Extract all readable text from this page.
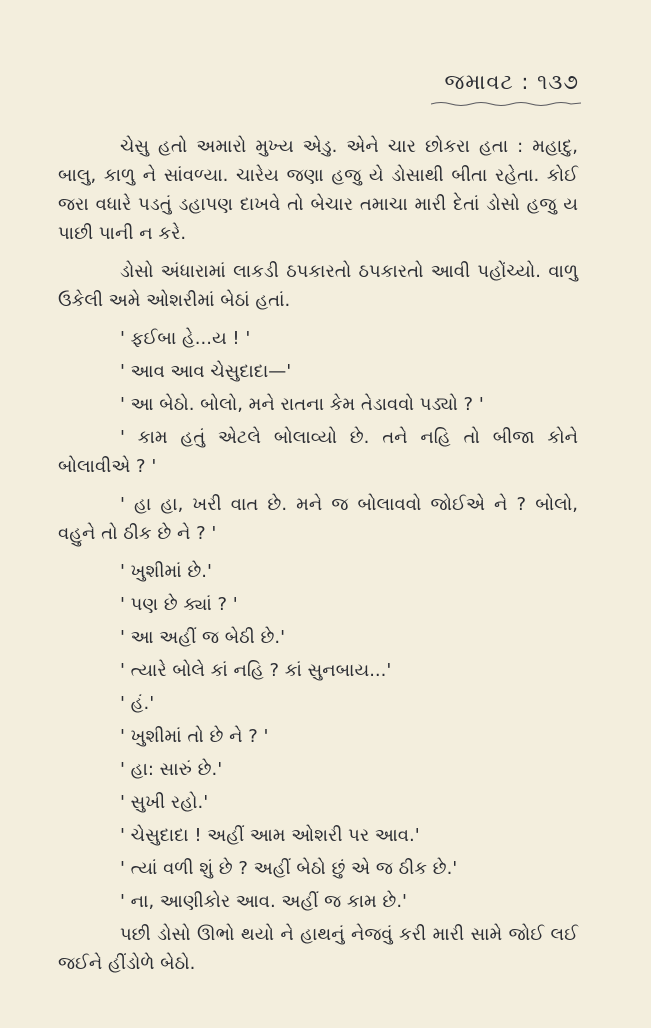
જમાવટ : ૧૩૭

ચેસુ હતો અમારો મુખ્ય એડુ. એને ચાર છોકરા હતા : મહાદુ, બાલુ, કાળુ ને સાંવળ્યા. ચારેય જણા હજુ યે ડોસાથી બીતા રહેતા. કોઈ જરા વધારે પડતું ડહાપણ દાખવે તો બેચાર તમાચા મારી દેતાં ડોસો હજુ ય પાછી પાની ન કરે.

ડોસો અંધારામાં લાકડી ઠપકારતો ઠપકારતો આવી પહોંચ્યો. વાળુ ઉકેલી અમે ઓશરીમાં બેઠાં હતાં.

' ફઈબા હે...ય ! '

' આવ આવ ચેસુદાદા—'

' આ બેઠો. બોલો, મને રાતના કેમ તેડાવવો પડ્યો ? '

' કામ હતું એટલે બોલાવ્યો છે. તને નહિ તો બીજા કોને બોલાવીએ ? '

' હા હા, ખરી વાત છે. મને જ બોલાવવો જોઈએ ને ? બોલો, વહુને તો ઠીક છે ને ? '

' ખુશીમાં છે.'

' પણ છે ક્યાં ? '

' આ અહીં જ બેઠી છે.'

' ત્યારે બોલે કાં નહિ ? કાં સુનબાય...'

' હં.'

' ખુશીમાં તો છે ને ? '

' હા: સારું છે.'

' સુખી રહો.'

' ચેસુદાદા ! અહીં આમ ઓશરી પર આવ.'

' ત્યાં વળી શું છે ? અહીં બેઠો છું એ જ ઠીક છે.'

' ના, આણીકોર આવ. અહીં જ કામ છે.'

પછી ડોસો ઊભો થયો ને હાથનું નેજવું કરી મારી સામે જોઈ લઈ જઈને હીંડોળે બેઠો.
